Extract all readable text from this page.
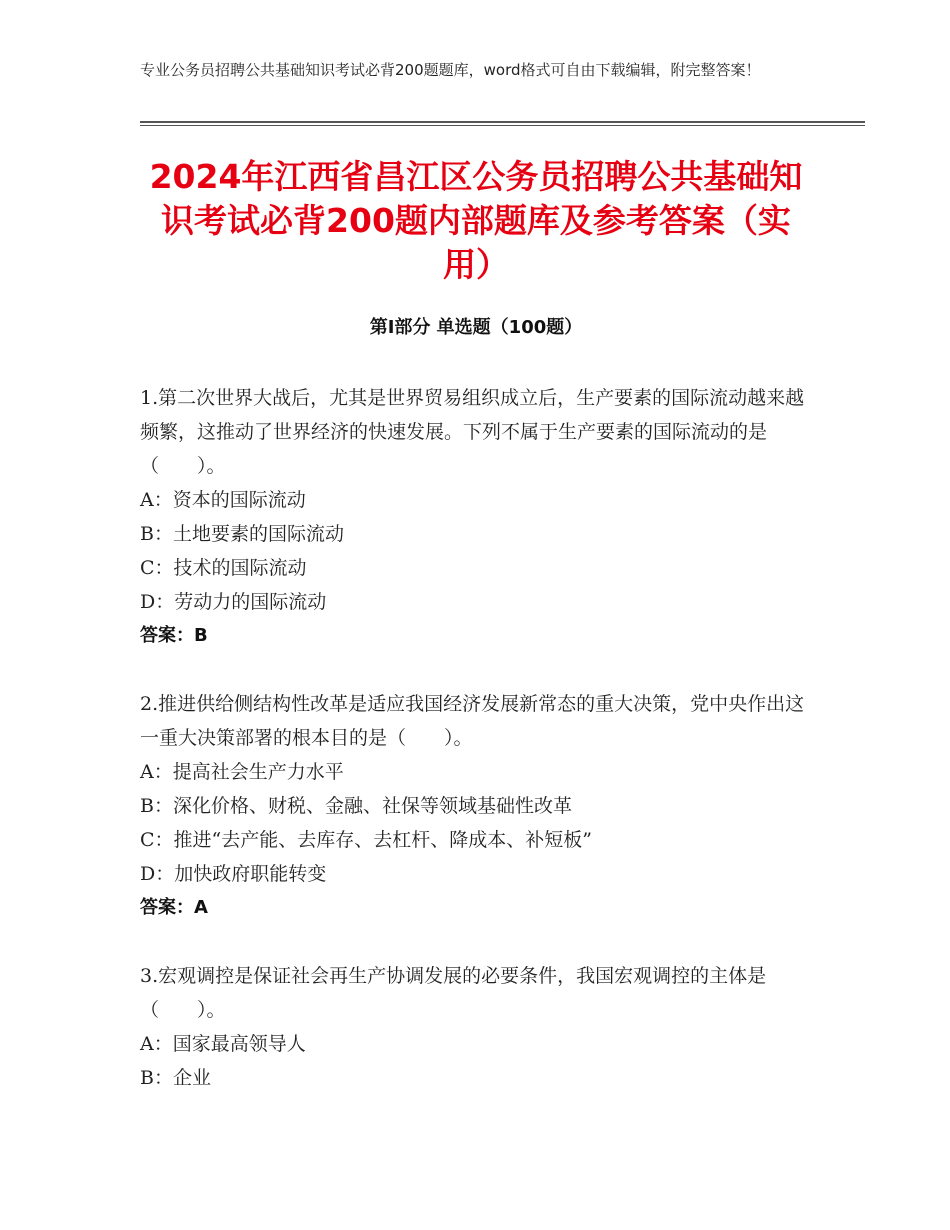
专业公务员招聘公共基础知识考试必背200题题库，word格式可自由下载编辑，附完整答案！
2024年江西省昌江区公务员招聘公共基础知识考试必背200题内部题库及参考答案（实用）
第Ⅰ部分 单选题（100题）
1.第二次世界大战后，尤其是世界贸易组织成立后，生产要素的国际流动越来越频繁，这推动了世界经济的快速发展。下列不属于生产要素的国际流动的是（　　）。
A：资本的国际流动
B：土地要素的国际流动
C：技术的国际流动
D：劳动力的国际流动
答案：B
2.推进供给侧结构性改革是适应我国经济发展新常态的重大决策，党中央作出这一重大决策部署的根本目的是（　　）。
A：提高社会生产力水平
B：深化价格、财税、金融、社保等领域基础性改革
C：推进“去产能、去库存、去杠杆、降成本、补短板”
D：加快政府职能转变
答案：A
3.宏观调控是保证社会再生产协调发展的必要条件，我国宏观调控的主体是（　　）。
A：国家最高领导人
B：企业
